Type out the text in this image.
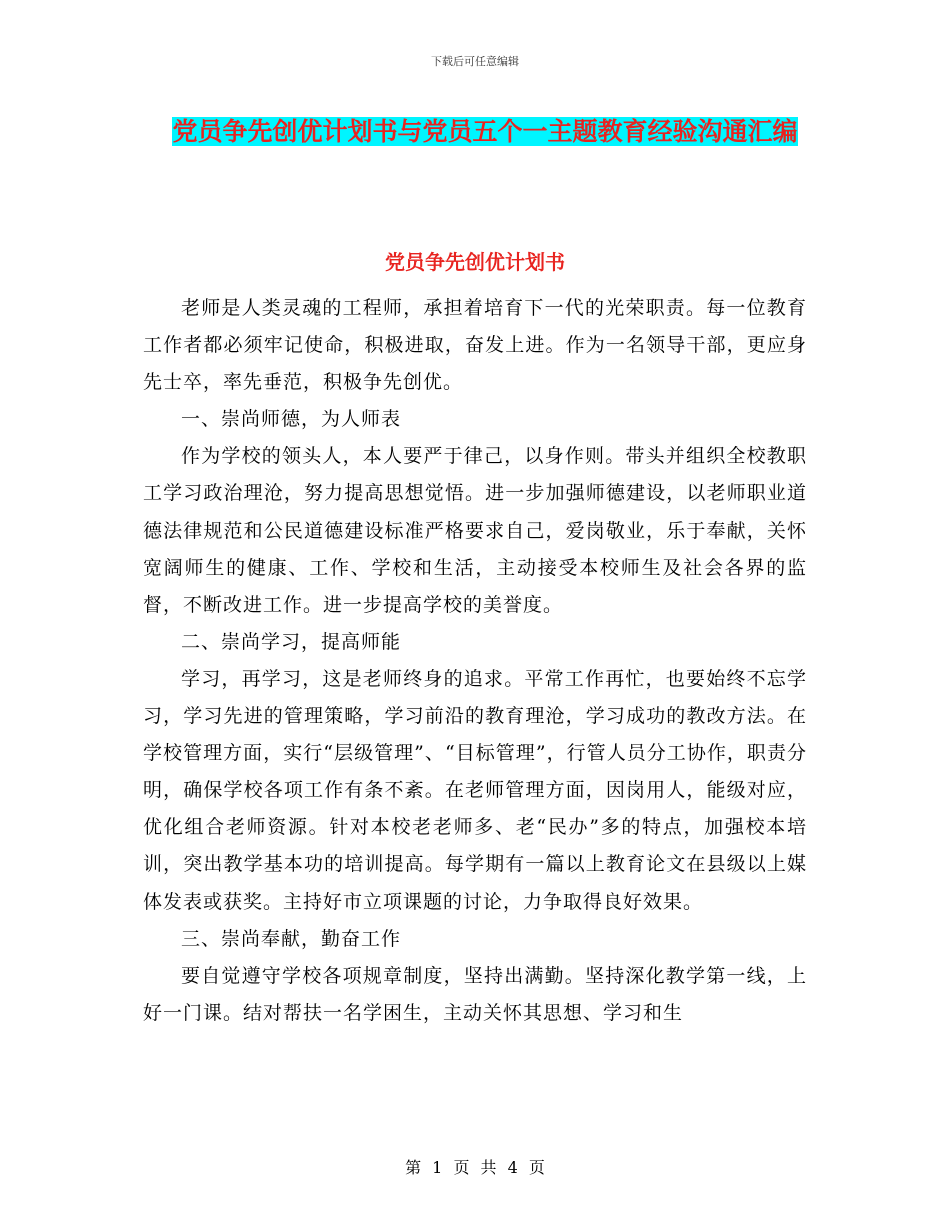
下载后可任意编辑
党员争先创优计划书与党员五个一主题教育经验沟通汇编
党员争先创优计划书

老师是人类灵魂的工程师，承担着培育下一代的光荣职责。每一位教育工作者都必须牢记使命，积极进取，奋发上进。作为一名领导干部，更应身先士卒，率先垂范，积极争先创优。

一、崇尚师德，为人师表

作为学校的领头人，本人要严于律己，以身作则。带头并组织全校教职工学习政治理沧，努力提高思想觉悟。进一步加强师德建设，以老师职业道德法律规范和公民道德建设标准严格要求自己，爱岗敬业，乐于奉献，关怀宽阔师生的健康、工作、学校和生活，主动接受本校师生及社会各界的监督，不断改进工作。进一步提高学校的美誉度。

二、崇尚学习，提高师能

学习，再学习，这是老师终身的追求。平常工作再忙，也要始终不忘学习，学习先进的管理策略，学习前沿的教育理沧，学习成功的教改方法。在学校管理方面，实行“层级管理”、“目标管理”，行管人员分工协作，职责分明，确保学校各项工作有条不紊。在老师管理方面，因岗用人，能级对应，优化组合老师资源。针对本校老老师多、老“民办”多的特点，加强校本培训，突出教学基本功的培训提高。每学期有一篇以上教育论文在县级以上媒体发表或获奖。主持好市立项课题的讨论，力争取得良好效果。

三、崇尚奉献，勤奋工作

要自觉遵守学校各项规章制度，坚持出满勤。坚持深化教学第一线，上好一门课。结对帮扶一名学困生，主动关怀其思想、学习和生

第 1 页 共 4 页
